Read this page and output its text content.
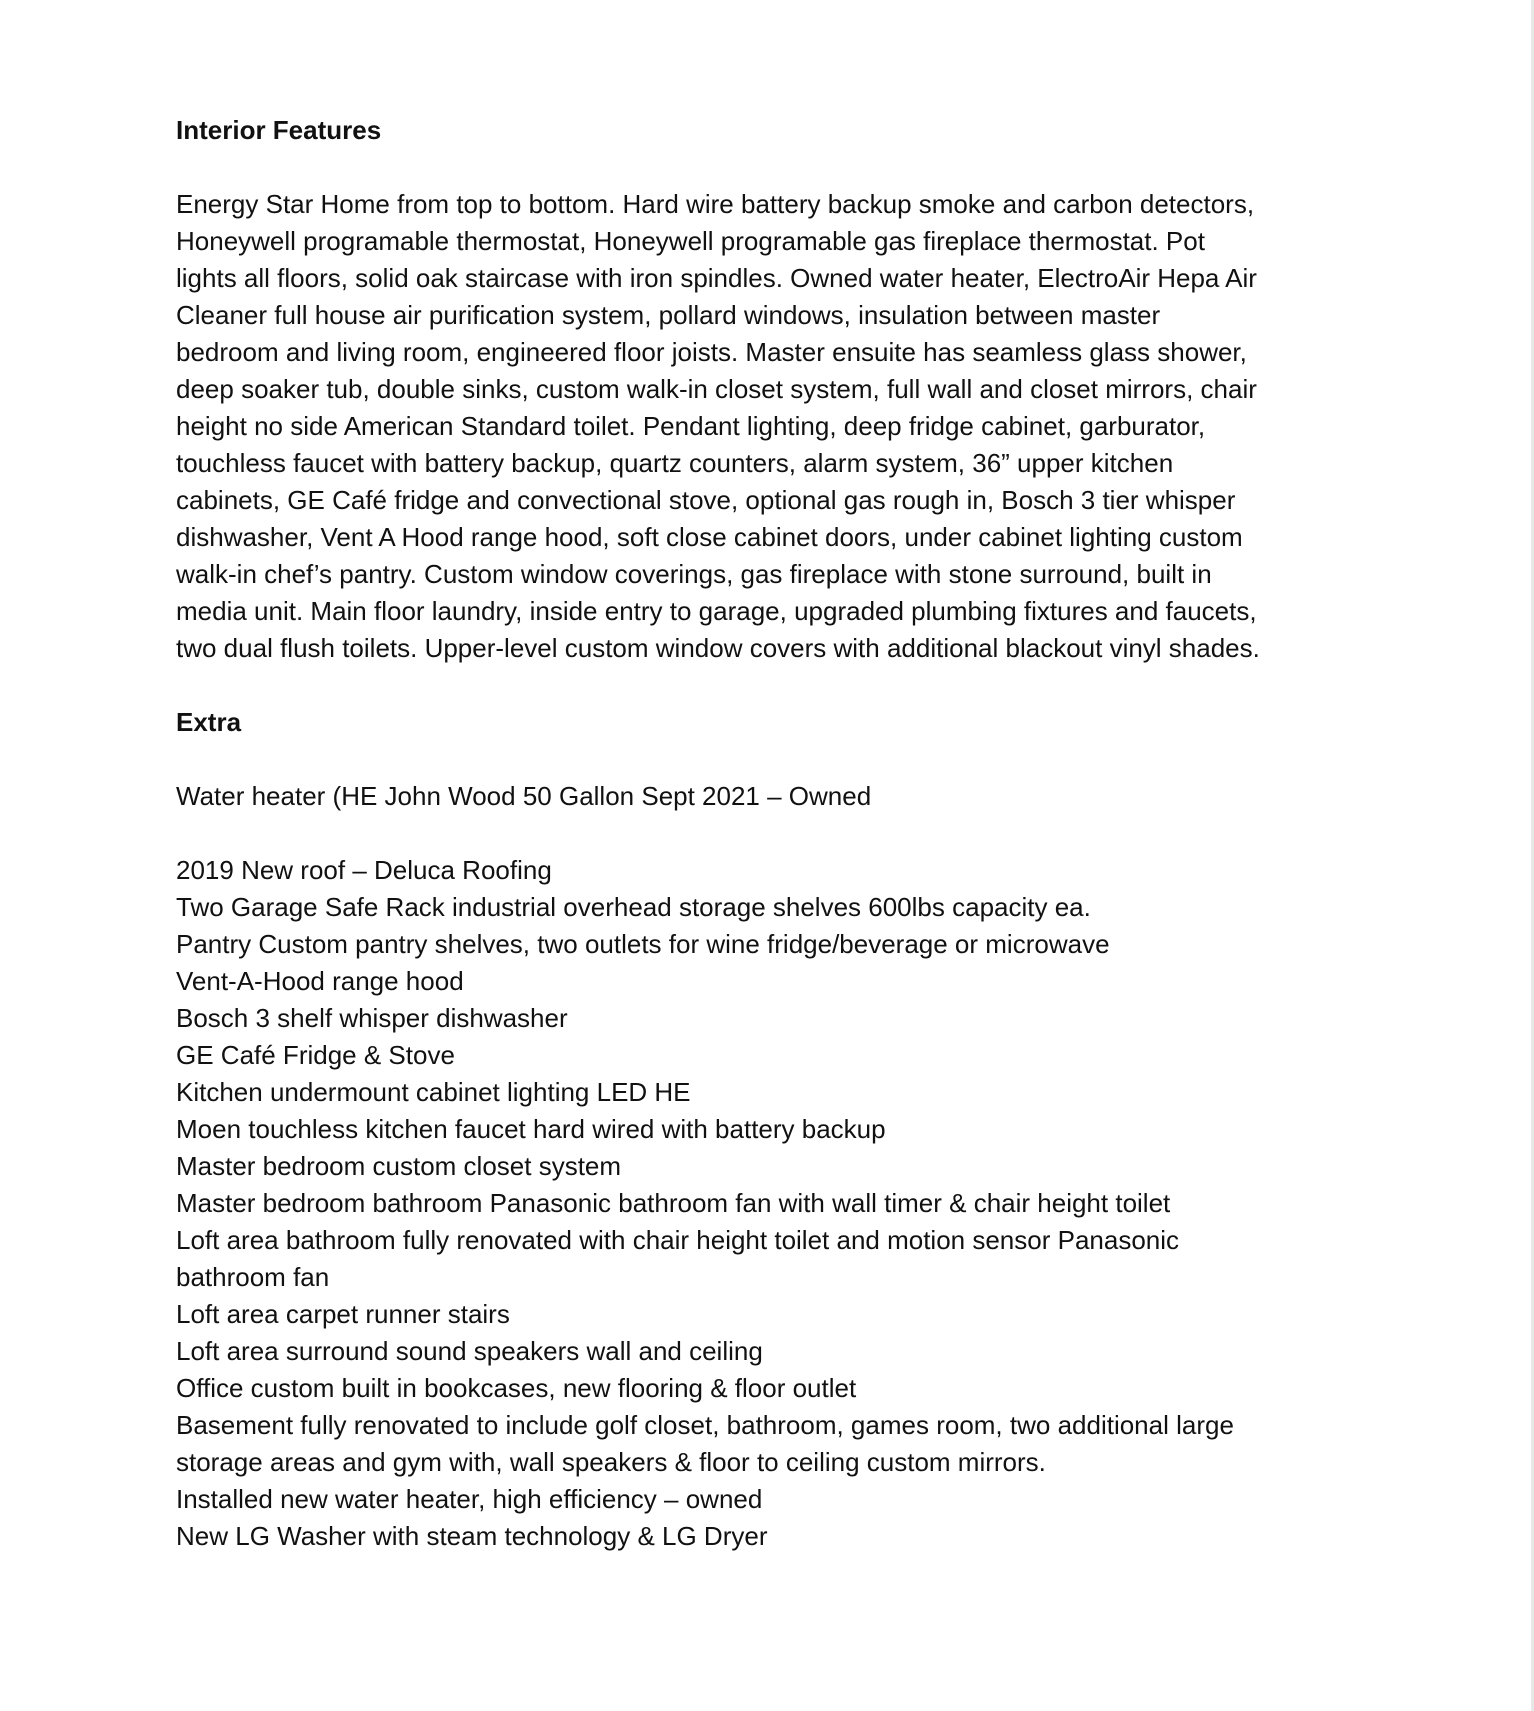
Interior Features

Energy Star Home from top to bottom. Hard wire battery backup smoke and carbon detectors,
Honeywell programable thermostat, Honeywell programable gas fireplace thermostat. Pot
lights all floors, solid oak staircase with iron spindles. Owned water heater, ElectroAir Hepa Air
Cleaner full house air purification system, pollard windows, insulation between master
bedroom and living room, engineered floor joists. Master ensuite has seamless glass shower,
deep soaker tub, double sinks, custom walk-in closet system, full wall and closet mirrors, chair
height no side American Standard toilet. Pendant lighting, deep fridge cabinet, garburator,
touchless faucet with battery backup, quartz counters, alarm system, 36” upper kitchen
cabinets, GE Café fridge and convectional stove, optional gas rough in, Bosch 3 tier whisper
dishwasher, Vent A Hood range hood, soft close cabinet doors, under cabinet lighting custom
walk-in chef’s pantry. Custom window coverings, gas fireplace with stone surround, built in
media unit. Main floor laundry, inside entry to garage, upgraded plumbing fixtures and faucets,
two dual flush toilets. Upper-level custom window covers with additional blackout vinyl shades.

Extra

Water heater (HE John Wood 50 Gallon Sept 2021 – Owned

2019 New roof – Deluca Roofing
Two Garage Safe Rack industrial overhead storage shelves 600lbs capacity ea.
Pantry Custom pantry shelves, two outlets for wine fridge/beverage or microwave
Vent-A-Hood range hood
Bosch 3 shelf whisper dishwasher
GE Café Fridge & Stove
Kitchen undermount cabinet lighting LED HE
Moen touchless kitchen faucet hard wired with battery backup
Master bedroom custom closet system
Master bedroom bathroom Panasonic bathroom fan with wall timer & chair height toilet
Loft area bathroom fully renovated with chair height toilet and motion sensor Panasonic
bathroom fan
Loft area carpet runner stairs
Loft area surround sound speakers wall and ceiling
Office custom built in bookcases, new flooring & floor outlet
Basement fully renovated to include golf closet, bathroom, games room, two additional large
storage areas and gym with, wall speakers & floor to ceiling custom mirrors.
Installed new water heater, high efficiency – owned
New LG Washer with steam technology & LG Dryer
